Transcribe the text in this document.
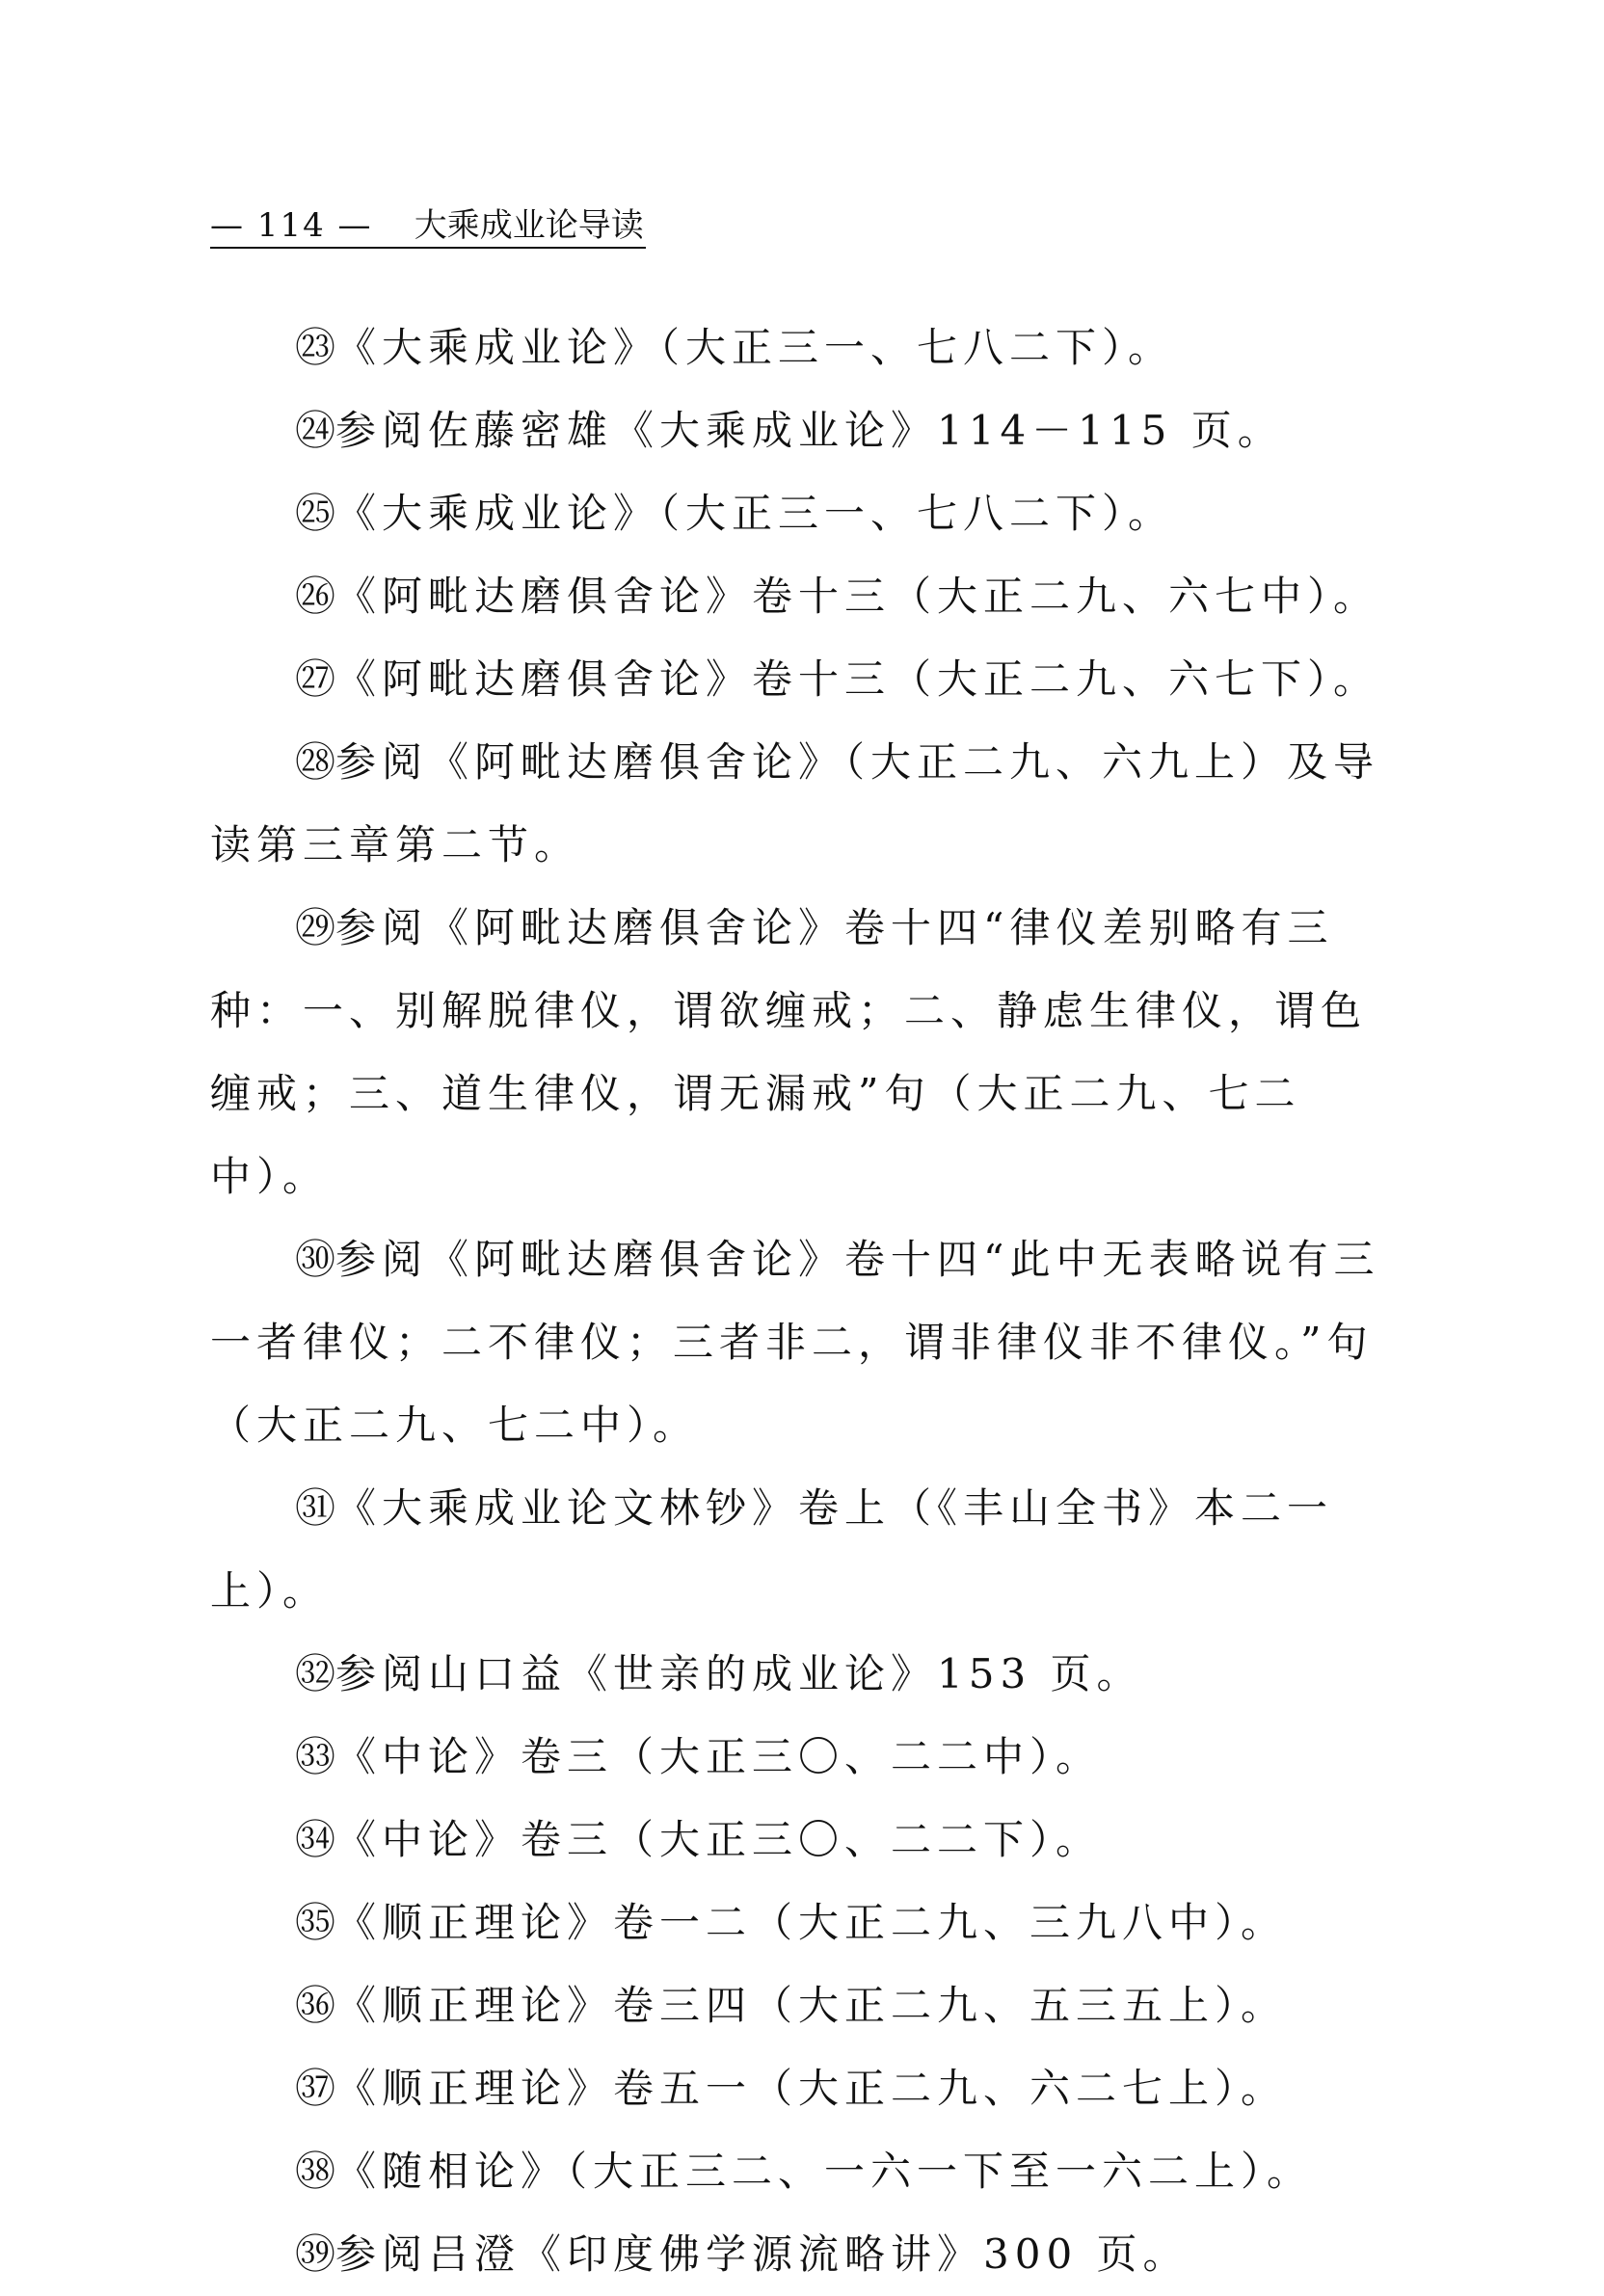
— 114 — 大乘成业论导读

㉓《大乘成业论》（大正三一、七八二下）。

㉔参阅佐藤密雄《大乘成业论》114－115 页。

㉕《大乘成业论》（大正三一、七八二下）。

㉖《阿毗达磨俱舍论》卷十三（大正二九、六七中）。

㉗《阿毗达磨俱舍论》卷十三（大正二九、六七下）。

㉘参阅《阿毗达磨俱舍论》（大正二九、六九上）及导读第三章第二节。

㉙参阅《阿毗达磨俱舍论》卷十四“律仪差别略有三种：一、别解脱律仪，谓欲缠戒；二、静虑生律仪，谓色缠戒；三、道生律仪，谓无漏戒”句（大正二九、七二中）。

㉚参阅《阿毗达磨俱舍论》卷十四“此中无表略说有三　一者律仪；二不律仪；三者非二，谓非律仪非不律仪。”句（大正二九、七二中）。

㉛《大乘成业论文林钞》卷上（《丰山全书》本二一上）。

㉜参阅山口益《世亲的成业论》153 页。

㉝《中论》卷三（大正三〇、二二中）。

㉞《中论》卷三（大正三〇、二二下）。

㉟《顺正理论》卷一二（大正二九、三九八中）。

㊱《顺正理论》卷三四（大正二九、五三五上）。

㊲《顺正理论》卷五一（大正二九、六二七上）。

㊳《随相论》（大正三二、一六一下至一六二上）。

㊴参阅吕澄《印度佛学源流略讲》300 页。
